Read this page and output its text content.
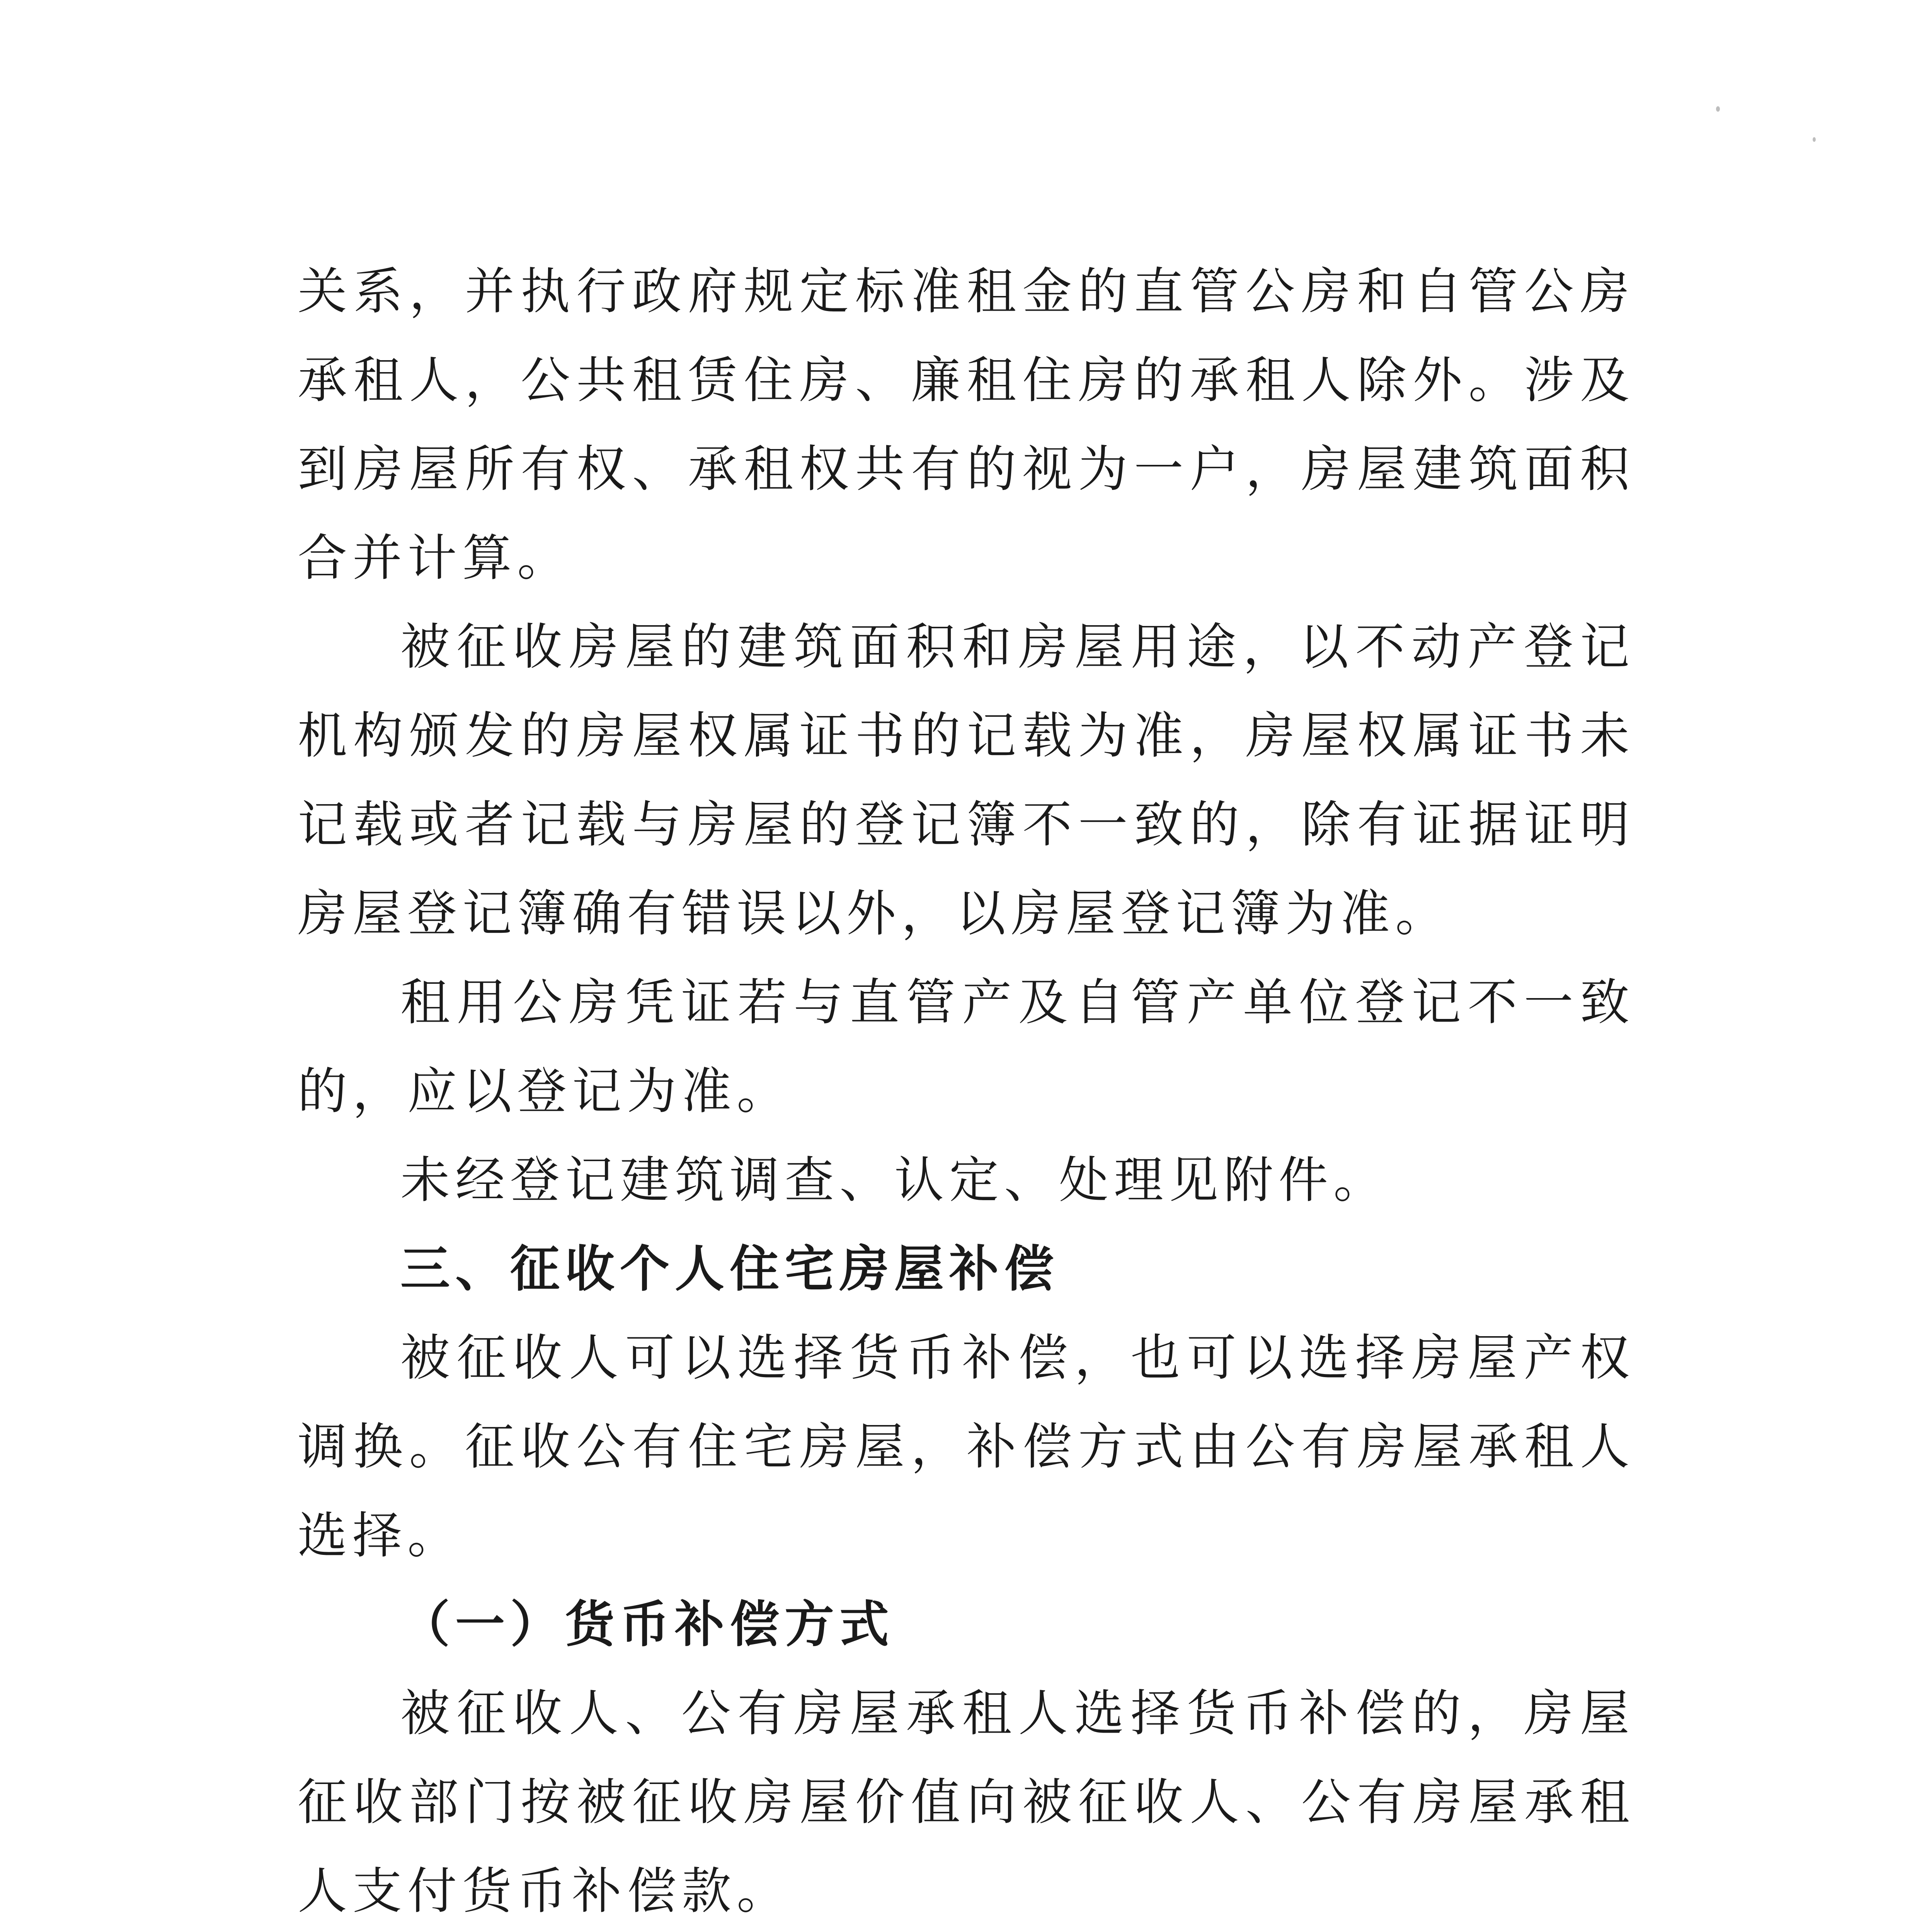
关系，并执行政府规定标准租金的直管公房和自管公房承租人，公共租赁住房、廉租住房的承租人除外。涉及到房屋所有权、承租权共有的视为一户，房屋建筑面积合并计算。

被征收房屋的建筑面积和房屋用途，以不动产登记机构颁发的房屋权属证书的记载为准，房屋权属证书未记载或者记载与房屋的登记簿不一致的，除有证据证明房屋登记簿确有错误以外，以房屋登记簿为准。

租用公房凭证若与直管产及自管产单位登记不一致的，应以登记为准。

未经登记建筑调查、认定、处理见附件。

三、征收个人住宅房屋补偿

被征收人可以选择货币补偿，也可以选择房屋产权调换。征收公有住宅房屋，补偿方式由公有房屋承租人选择。

（一）货币补偿方式

被征收人、公有房屋承租人选择货币补偿的，房屋征收部门按被征收房屋价值向被征收人、公有房屋承租人支付货币补偿款。
